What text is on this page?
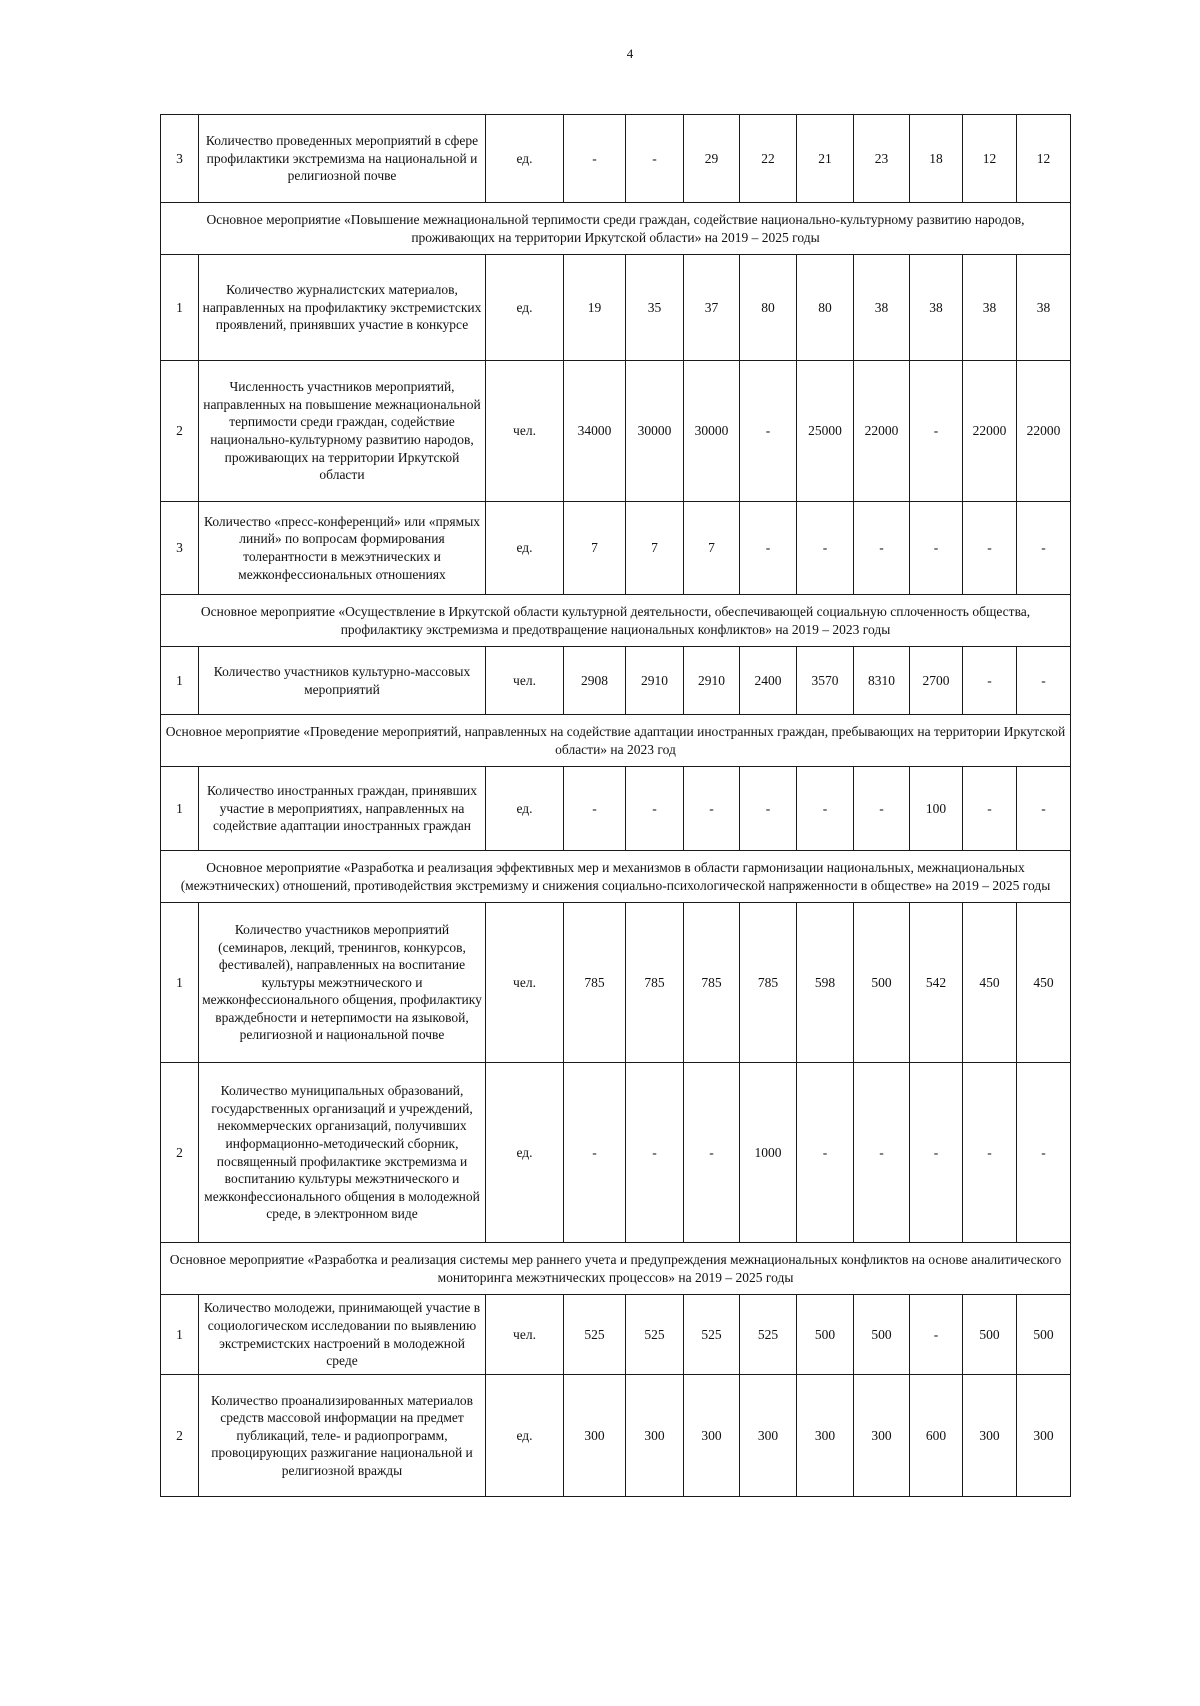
4
3	Количество проведенных мероприятий в сфере профилактики экстремизма на национальной и религиозной почве	ед.	-	-	29	22	21	23	18	12	12
Основное мероприятие «Повышение межнациональной терпимости среди граждан, содействие национально-культурному развитию народов, проживающих на территории Иркутской области» на 2019 – 2025 годы											
1	Количество журналистских материалов, направленных на профилактику экстремистских проявлений, принявших участие в конкурсе	ед.	19	35	37	80	80	38	38	38	38
2	Численность участников мероприятий, направленных на повышение межнациональной терпимости среди граждан, содействие национально-культурному развитию народов, проживающих на территории Иркутской области	чел.	34000	30000	30000	-	25000	22000	-	22000	22000
3	Количество «пресс-конференций» или «прямых линий» по вопросам формирования толерантности в межэтнических и межконфессиональных отношениях	ед.	7	7	7	-	-	-	-	-	-
Основное мероприятие «Осуществление в Иркутской области культурной деятельности, обеспечивающей социальную сплоченность общества, профилактику экстремизма и предотвращение национальных конфликтов» на 2019 – 2023 годы											
1	Количество участников культурно-массовых мероприятий	чел.	2908	2910	2910	2400	3570	8310	2700	-	-
Основное мероприятие «Проведение мероприятий, направленных на содействие адаптации иностранных граждан, пребывающих на территории Иркутской области» на 2023 год											
1	Количество иностранных граждан, принявших участие в мероприятиях, направленных на содействие адаптации иностранных граждан	ед.	-	-	-	-	-	-	100	-	-
Основное мероприятие «Разработка и реализация эффективных мер и механизмов в области гармонизации национальных, межнациональных (межэтнических) отношений, противодействия экстремизму и снижения социально-психологической напряженности в обществе» на 2019 – 2025 годы											
1	Количество участников мероприятий (семинаров, лекций, тренингов, конкурсов, фестивалей), направленных на воспитание культуры межэтнического и межконфессионального общения, профилактику враждебности и нетерпимости на языковой, религиозной и национальной почве	чел.	785	785	785	785	598	500	542	450	450
2	Количество муниципальных образований, государственных организаций и учреждений, некоммерческих организаций, получивших информационно-методический сборник, посвященный профилактике экстремизма и воспитанию культуры межэтнического и межконфессионального общения в молодежной среде, в электронном виде	ед.	-	-	-	1000	-	-	-	-	-
Основное мероприятие «Разработка и реализация системы мер раннего учета и предупреждения межнациональных конфликтов на основе аналитического мониторинга межэтнических процессов» на 2019 – 2025 годы											
1	Количество молодежи, принимающей участие в социологическом исследовании по выявлению экстремистских настроений в молодежной среде	чел.	525	525	525	525	500	500	-	500	500
2	Количество проанализированных материалов средств массовой информации на предмет публикаций, теле- и радиопрограмм, провоцирующих разжигание национальной и религиозной вражды	ед.	300	300	300	300	300	300	600	300	300
